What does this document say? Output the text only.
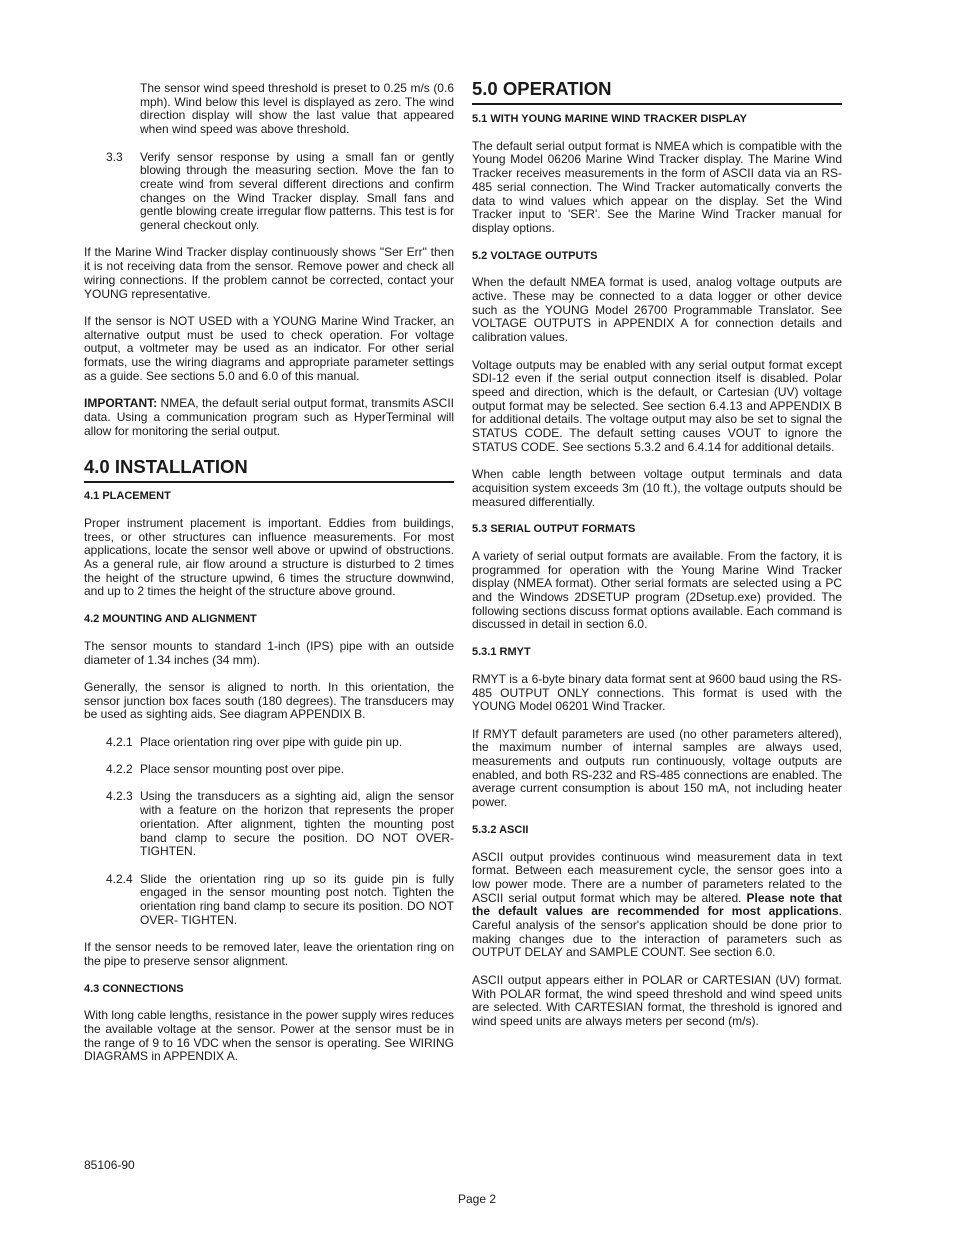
The sensor wind speed threshold is preset to 0.25 m/s (0.6 mph). Wind below this level is displayed as zero. The wind direction display will show the last value that appeared when wind speed was above threshold.

3.3 Verify sensor response by using a small fan or gently blowing through the measuring section. Move the fan to create wind from several different directions and confirm changes on the Wind Tracker display. Small fans and gentle blowing create irregular flow patterns. This test is for general checkout only.

If the Marine Wind Tracker display continuously shows "Ser Err" then it is not receiving data from the sensor. Remove power and check all wiring connections. If the problem cannot be corrected, contact your YOUNG representative.

If the sensor is NOT USED with a YOUNG Marine Wind Tracker, an alternative output must be used to check operation. For voltage output, a voltmeter may be used as an indicator. For other serial formats, use the wiring diagrams and appropriate parameter settings as a guide. See sections 5.0 and 6.0 of this manual.

IMPORTANT: NMEA, the default serial output format, transmits ASCII data. Using a communication program such as HyperTerminal will allow for monitoring the serial output.

4.0 INSTALLATION
4.1 PLACEMENT

Proper instrument placement is important. Eddies from buildings, trees, or other structures can influence measurements. For most applications, locate the sensor well above or upwind of obstructions. As a general rule, air flow around a structure is disturbed to 2 times the height of the structure upwind, 6 times the structure downwind, and up to 2 times the height of the structure above ground.

4.2 MOUNTING AND ALIGNMENT

The sensor mounts to standard 1-inch (IPS) pipe with an outside diameter of 1.34 inches (34 mm).

Generally, the sensor is aligned to north. In this orientation, the sensor junction box faces south (180 degrees). The transducers may be used as sighting aids. See diagram APPENDIX B.

4.2.1 Place orientation ring over pipe with guide pin up.

4.2.2 Place sensor mounting post over pipe.

4.2.3 Using the transducers as a sighting aid, align the sensor with a feature on the horizon that represents the proper orientation. After alignment, tighten the mounting post band clamp to secure the position. DO NOT OVER-TIGHTEN.

4.2.4 Slide the orientation ring up so its guide pin is fully engaged in the sensor mounting post notch. Tighten the orientation ring band clamp to secure its position. DO NOT OVER- TIGHTEN.

If the sensor needs to be removed later, leave the orientation ring on the pipe to preserve sensor alignment.

4.3 CONNECTIONS

With long cable lengths, resistance in the power supply wires reduces the available voltage at the sensor. Power at the sensor must be in the range of 9 to 16 VDC when the sensor is operating. See WIRING DIAGRAMS in APPENDIX A.

5.0 OPERATION
5.1 WITH YOUNG MARINE WIND TRACKER DISPLAY

The default serial output format is NMEA which is compatible with the Young Model 06206 Marine Wind Tracker display. The Marine Wind Tracker receives measurements in the form of ASCII data via an RS-485 serial connection. The Wind Tracker automatically converts the data to wind values which appear on the display. Set the Wind Tracker input to 'SER'. See the Marine Wind Tracker manual for display options.

5.2 VOLTAGE OUTPUTS

When the default NMEA format is used, analog voltage outputs are active. These may be connected to a data logger or other device such as the YOUNG Model 26700 Programmable Translator. See VOLTAGE OUTPUTS in APPENDIX A for connection details and calibration values.

Voltage outputs may be enabled with any serial output format except SDI-12 even if the serial output connection itself is disabled. Polar speed and direction, which is the default, or Cartesian (UV) voltage output format may be selected. See section 6.4.13 and APPENDIX B for additional details. The voltage output may also be set to signal the STATUS CODE. The default setting causes VOUT to ignore the STATUS CODE. See sections 5.3.2 and 6.4.14 for additional details.

When cable length between voltage output terminals and data acquisition system exceeds 3m (10 ft.), the voltage outputs should be measured differentially.

5.3 SERIAL OUTPUT FORMATS

A variety of serial output formats are available. From the factory, it is programmed for operation with the Young Marine Wind Tracker display (NMEA format). Other serial formats are selected using a PC and the Windows 2DSETUP program (2Dsetup.exe) provided. The following sections discuss format options available. Each command is discussed in detail in section 6.0.

5.3.1 RMYT

RMYT is a 6-byte binary data format sent at 9600 baud using the RS-485 OUTPUT ONLY connections. This format is used with the YOUNG Model 06201 Wind Tracker.

If RMYT default parameters are used (no other parameters altered), the maximum number of internal samples are always used, measurements and outputs run continuously, voltage outputs are enabled, and both RS-232 and RS-485 connections are enabled. The average current consumption is about 150 mA, not including heater power.

5.3.2 ASCII

ASCII output provides continuous wind measurement data in text format. Between each measurement cycle, the sensor goes into a low power mode. There are a number of parameters related to the ASCII serial output format which may be altered. Please note that the default values are recommended for most applications. Careful analysis of the sensor's application should be done prior to making changes due to the interaction of parameters such as OUTPUT DELAY and SAMPLE COUNT. See section 6.0.

ASCII output appears either in POLAR or CARTESIAN (UV) format. With POLAR format, the wind speed threshold and wind speed units are selected. With CARTESIAN format, the threshold is ignored and wind speed units are always meters per second (m/s).

85106-90
Page 2
